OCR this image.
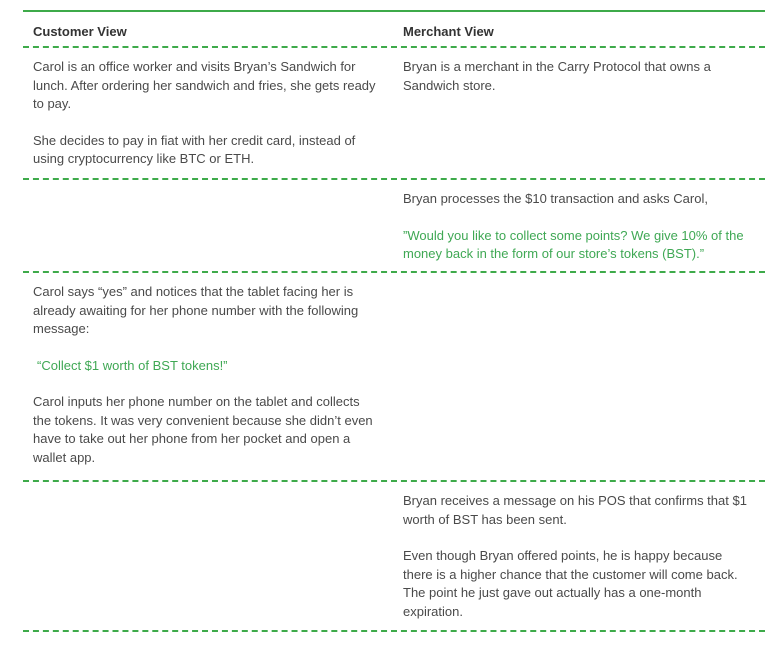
Customer View	Merchant View

Carol is an office worker and visits Bryan’s Sandwich for lunch. After ordering her sandwich and fries, she gets ready to pay.

She decides to pay in fiat with her credit card, instead of using cryptocurrency like BTC or ETH.

Bryan is a merchant in the Carry Protocol that owns a Sandwich store.

Bryan processes the $10 transaction and asks Carol,

”Would you like to collect some points? We give 10% of the money back in the form of our store’s tokens (BST).”

Carol says “yes” and notices that the tablet facing her is already awaiting for her phone number with the following message:

“Collect $1 worth of BST tokens!”

Carol inputs her phone number on the tablet and collects the tokens. It was very convenient because she didn’t even have to take out her phone from her pocket and open a wallet app.

Bryan receives a message on his POS that confirms that $1 worth of BST has been sent.

Even though Bryan offered points, he is happy because there is a higher chance that the customer will come back. The point he just gave out actually has a one-month expiration.
